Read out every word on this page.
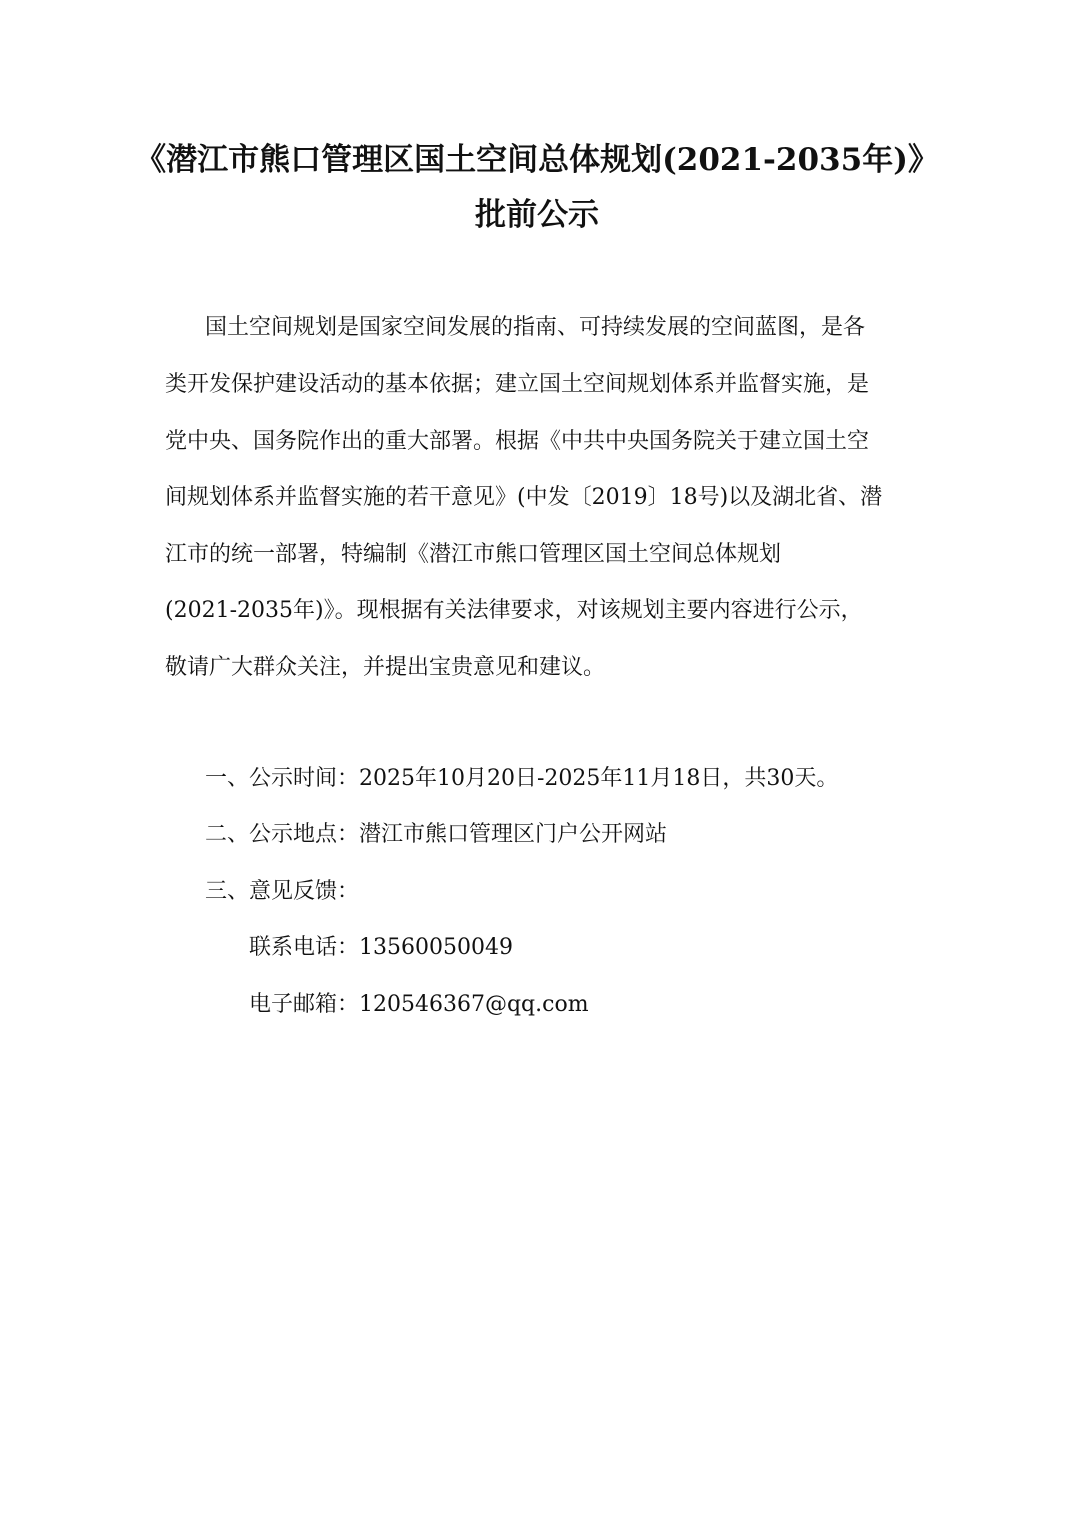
《潜江市熊口管理区国土空间总体规划(2021-2035年)》
批前公示
国土空间规划是国家空间发展的指南、可持续发展的空间蓝图，是各
类开发保护建设活动的基本依据；建立国土空间规划体系并监督实施，是
党中央、国务院作出的重大部署。根据《中共中央国务院关于建立国土空
间规划体系并监督实施的若干意见》(中发〔2019〕18号)以及湖北省、潜
江市的统一部署，特编制《潜江市熊口管理区国土空间总体规划
(2021-2035年)》。现根据有关法律要求，对该规划主要内容进行公示，
敬请广大群众关注，并提出宝贵意见和建议。
一、公示时间：2025年10月20日-2025年11月18日，共30天。
二、公示地点：潜江市熊口管理区门户公开网站
三、意见反馈：
联系电话：13560050049
电子邮箱：120546367@qq.com
